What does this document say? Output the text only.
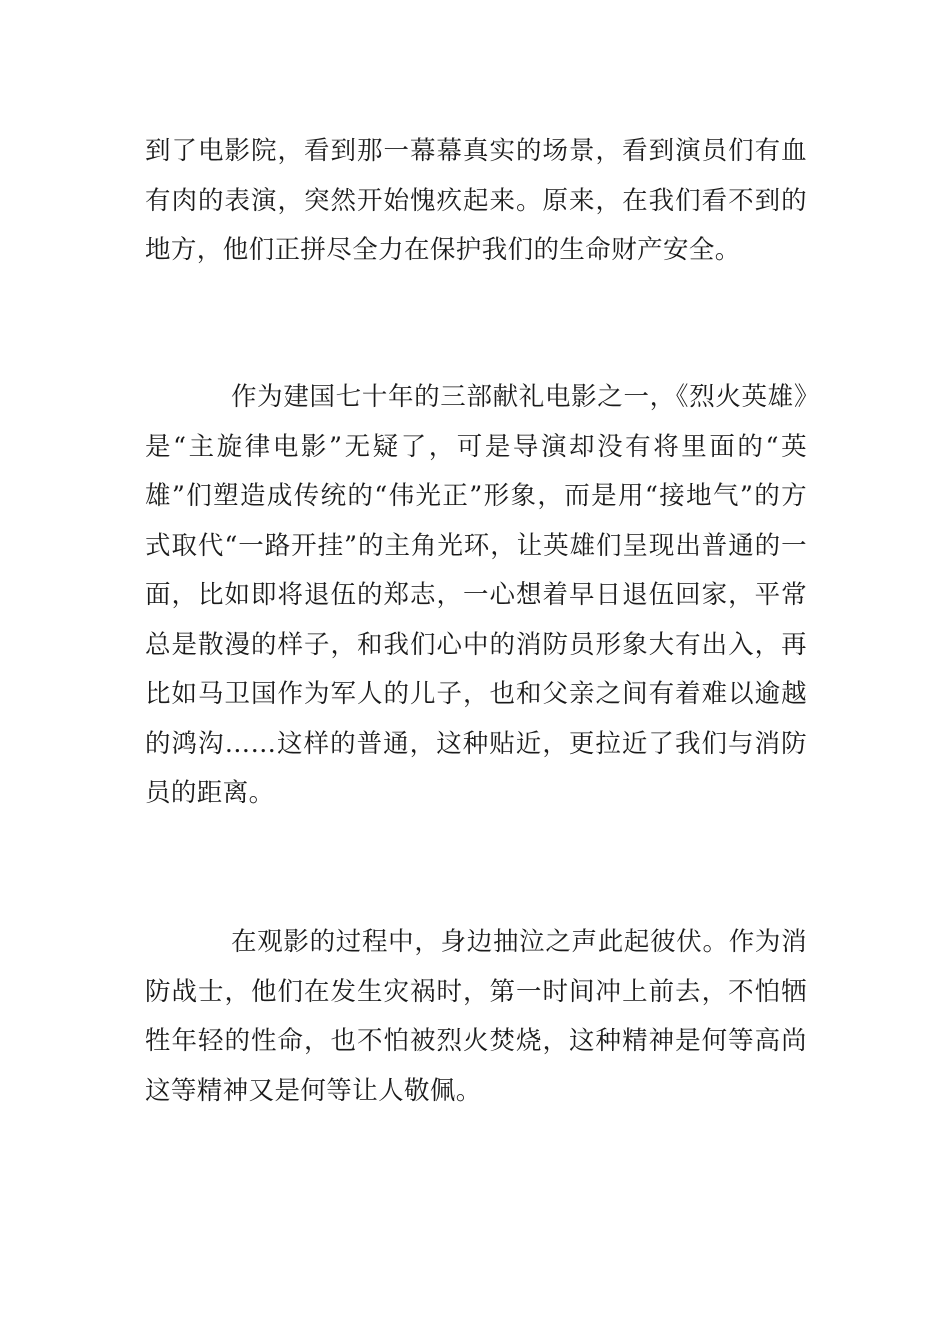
到了电影院，看到那一幕幕真实的场景，看到演员们有血有肉的表演，突然开始愧疚起来。原来，在我们看不到的地方，他们正拼尽全力在保护我们的生命财产安全。

作为建国七十年的三部献礼电影之一，《烈火英雄》是“主旋律电影”无疑了，可是导演却没有将里面的“英雄”们塑造成传统的“伟光正”形象，而是用“接地气”的方式取代“一路开挂”的主角光环，让英雄们呈现出普通的一面，比如即将退伍的郑志，一心想着早日退伍回家，平常总是散漫的样子，和我们心中的消防员形象大有出入，再比如马卫国作为军人的儿子，也和父亲之间有着难以逾越的鸿沟……这样的普通，这种贴近，更拉近了我们与消防员的距离。

在观影的过程中，身边抽泣之声此起彼伏。作为消防战士，他们在发生灾祸时，第一时间冲上前去，不怕牺牲年轻的性命，也不怕被烈火焚烧，这种精神是何等高尚这等精神又是何等让人敬佩。
